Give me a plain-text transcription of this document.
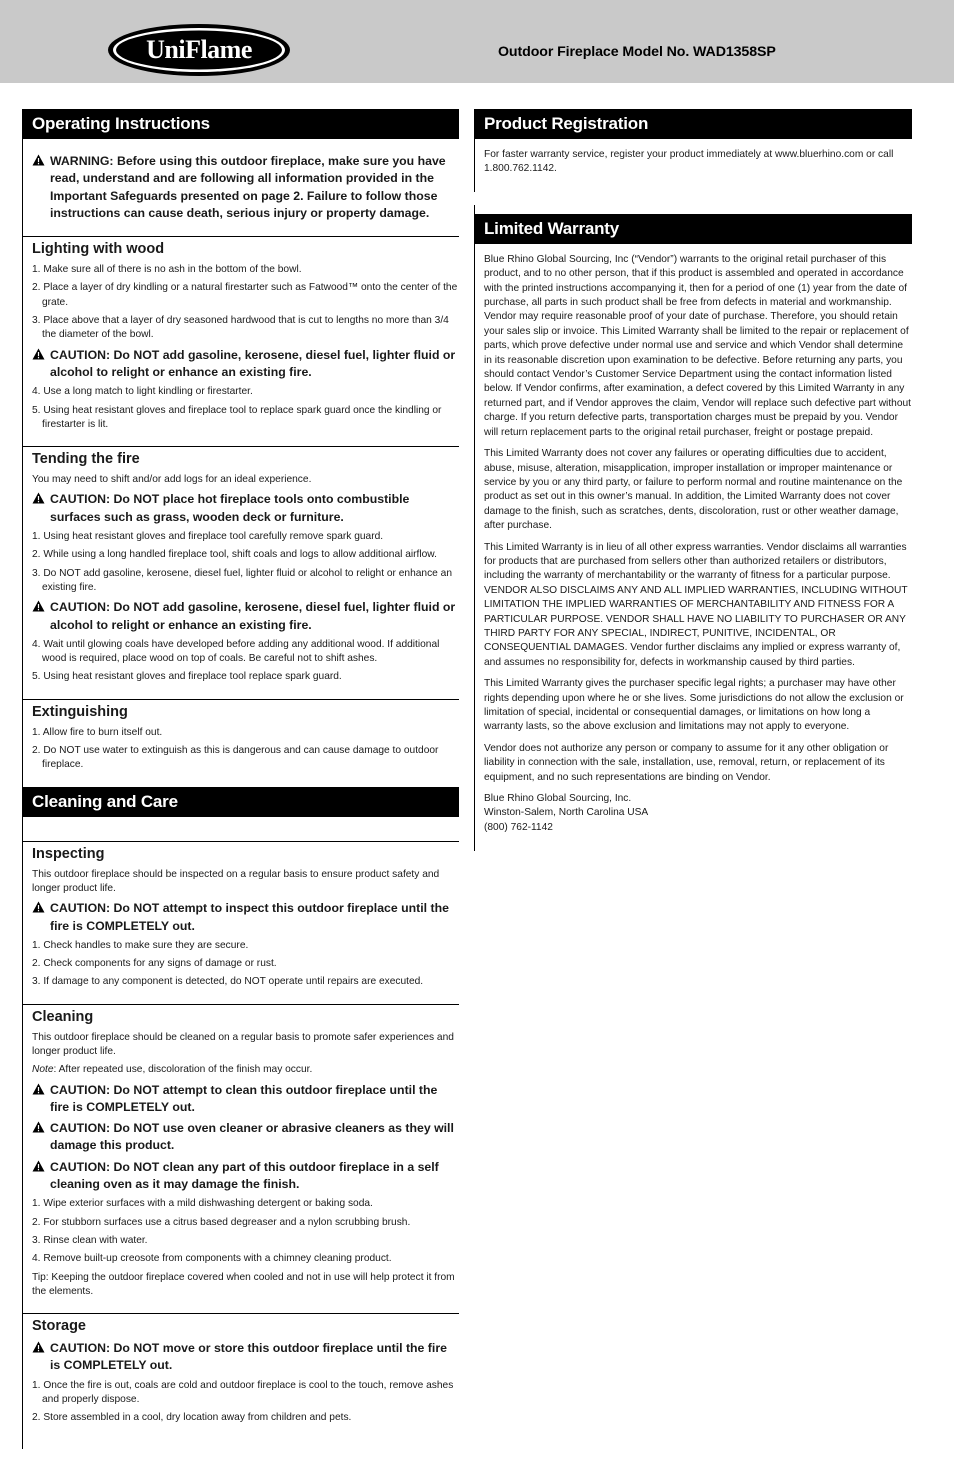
UniFlame	Outdoor Fireplace Model No. WAD1358SP
Operating Instructions
WARNING: Before using this outdoor fireplace, make sure you have read, understand and are following all information provided in the Important Safeguards presented on page 2. Failure to follow those instructions can cause death, serious injury or property damage.
Lighting with wood
1. Make sure all of there is no ash in the bottom of the bowl.
2. Place a layer of dry kindling or a natural firestarter such as Fatwood™ onto the center of the grate.
3. Place above that a layer of dry seasoned hardwood that is cut to lengths no more than 3/4 the diameter of the bowl.
CAUTION: Do NOT add gasoline, kerosene, diesel fuel, lighter fluid or alcohol to relight or enhance an existing fire.
4. Use a long match to light kindling or firestarter.
5. Using heat resistant gloves and fireplace tool to replace spark guard once the kindling or firestarter is lit.
Tending the fire
You may need to shift and/or add logs for an ideal experience.
CAUTION: Do NOT place hot fireplace tools onto combustible surfaces such as grass, wooden deck or furniture.
1. Using heat resistant gloves and fireplace tool carefully remove spark guard.
2. While using a long handled fireplace tool, shift coals and logs to allow additional airflow.
3. Do NOT add gasoline, kerosene, diesel fuel, lighter fluid or alcohol to relight or enhance an existing fire.
CAUTION: Do NOT add gasoline, kerosene, diesel fuel, lighter fluid or alcohol to relight or enhance an existing fire.
4. Wait until glowing coals have developed before adding any additional wood. If additional wood is required, place wood on top of coals. Be careful not to shift ashes.
5. Using heat resistant gloves and fireplace tool replace spark guard.
Extinguishing
1. Allow fire to burn itself out.
2. Do NOT use water to extinguish as this is dangerous and can cause damage to outdoor fireplace.
Cleaning and Care
Inspecting
This outdoor fireplace should be inspected on a regular basis to ensure product safety and longer product life.
CAUTION: Do NOT attempt to inspect this outdoor fireplace until the fire is COMPLETELY out.
1. Check handles to make sure they are secure.
2. Check components for any signs of damage or rust.
3. If damage to any component is detected, do NOT operate until repairs are executed.
Cleaning
This outdoor fireplace should be cleaned on a regular basis to promote safer experiences and longer product life.
Note: After repeated use, discoloration of the finish may occur.
CAUTION: Do NOT attempt to clean this outdoor fireplace until the fire is COMPLETELY out.
CAUTION: Do NOT use oven cleaner or abrasive cleaners as they will damage this product.
CAUTION: Do NOT clean any part of this outdoor fireplace in a self cleaning oven as it may damage the finish.
1. Wipe exterior surfaces with a mild dishwashing detergent or baking soda.
2. For stubborn surfaces use a citrus based degreaser and a nylon scrubbing brush.
3. Rinse clean with water.
4. Remove built-up creosote from components with a chimney cleaning product.
Tip: Keeping the outdoor fireplace covered when cooled and not in use will help protect it from the elements.
Storage
CAUTION: Do NOT move or store this outdoor fireplace until the fire is COMPLETELY out.
1. Once the fire is out, coals are cold and outdoor fireplace is cool to the touch, remove ashes and properly dispose.
2. Store assembled in a cool, dry location away from children and pets.
Product Registration
For faster warranty service, register your product immediately at www.bluerhino.com or call 1.800.762.1142.
Limited Warranty
Blue Rhino Global Sourcing, Inc (“Vendor”) warrants to the original retail purchaser of this product, and to no other person, that if this product is assembled and operated in accordance with the printed instructions accompanying it, then for a period of one (1) year from the date of purchase, all parts in such product shall be free from defects in material and workmanship. Vendor may require reasonable proof of your date of purchase. Therefore, you should retain your sales slip or invoice. This Limited Warranty shall be limited to the repair or replacement of parts, which prove defective under normal use and service and which Vendor shall determine in its reasonable discretion upon examination to be defective. Before returning any parts, you should contact Vendor’s Customer Service Department using the contact information listed below. If Vendor confirms, after examination, a defect covered by this Limited Warranty in any returned part, and if Vendor approves the claim, Vendor will replace such defective part without charge. If you return defective parts, transportation charges must be prepaid by you. Vendor will return replacement parts to the original retail purchaser, freight or postage prepaid.
This Limited Warranty does not cover any failures or operating difficulties due to accident, abuse, misuse, alteration, misapplication, improper installation or improper maintenance or service by you or any third party, or failure to perform normal and routine maintenance on the product as set out in this owner’s manual. In addition, the Limited Warranty does not cover damage to the finish, such as scratches, dents, discoloration, rust or other weather damage, after purchase.
This Limited Warranty is in lieu of all other express warranties. Vendor disclaims all warranties for products that are purchased from sellers other than authorized retailers or distributors, including the warranty of merchantability or the warranty of fitness for a particular purpose. VENDOR ALSO DISCLAIMS ANY AND ALL IMPLIED WARRANTIES, INCLUDING WITHOUT LIMITATION THE IMPLIED WARRANTIES OF MERCHANTABILITY AND FITNESS FOR A PARTICULAR PURPOSE. VENDOR SHALL HAVE NO LIABILITY TO PURCHASER OR ANY THIRD PARTY FOR ANY SPECIAL, INDIRECT, PUNITIVE, INCIDENTAL, OR CONSEQUENTIAL DAMAGES. Vendor further disclaims any implied or express warranty of, and assumes no responsibility for, defects in workmanship caused by third parties.
This Limited Warranty gives the purchaser specific legal rights; a purchaser may have other rights depending upon where he or she lives. Some jurisdictions do not allow the exclusion or limitation of special, incidental or consequential damages, or limitations on how long a warranty lasts, so the above exclusion and limitations may not apply to everyone.
Vendor does not authorize any person or company to assume for it any other obligation or liability in connection with the sale, installation, use, removal, return, or replacement of its equipment, and no such representations are binding on Vendor.
Blue Rhino Global Sourcing, Inc.
Winston-Salem, North Carolina USA
(800) 762-1142
